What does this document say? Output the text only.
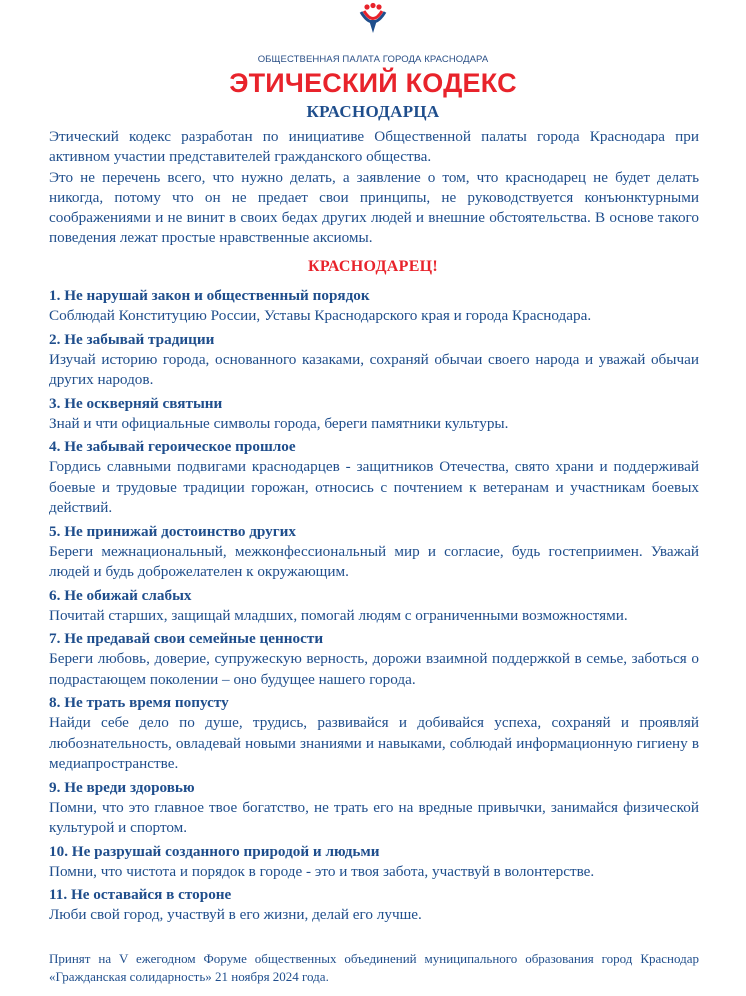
ОБЩЕСТВЕННАЯ ПАЛАТА ГОРОДА КРАСНОДАРА
ЭТИЧЕСКИЙ КОДЕКС
КРАСНОДАРЦА

Этический кодекс разработан по инициативе Общественной палаты города Краснодара при активном участии представителей гражданского общества.

Это не перечень всего, что нужно делать, а заявление о том, что краснодарец не будет делать никогда, потому что он не предает свои принципы, не руководствуется конъюнктурными соображениями и не винит в своих бедах других людей и внешние обстоятельства. В основе такого поведения лежат простые нравственные аксиомы.

КРАСНОДАРЕЦ!
1. Не нарушай закон и общественный порядок

Соблюдай Конституцию России, Уставы Краснодарского края и города Краснодара.

2. Не забывай традиции

Изучай историю города, основанного казаками, сохраняй обычаи своего народа и уважай обычаи других народов.

3. Не оскверняй святыни

Знай и чти официальные символы города, береги памятники культуры.

4. Не забывай героическое прошлое

Гордись славными подвигами краснодарцев - защитников Отечества, свято храни и поддерживай боевые и трудовые традиции горожан, относись с почтением к ветеранам и участникам боевых действий.

5. Не принижай достоинство других

Береги межнациональный, межконфессиональный мир и согласие, будь гостеприимен. Уважай людей и будь доброжелателен к окружающим.

6. Не обижай слабых

Почитай старших, защищай младших, помогай людям с ограниченными возможностями.

7. Не предавай свои семейные ценности

Береги любовь, доверие, супружескую верность, дорожи взаимной поддержкой в семье, заботься о подрастающем поколении – оно будущее нашего города.

8. Не трать время попусту

Найди себе дело по душе, трудись, развивайся и добивайся успеха, сохраняй и проявляй любознательность, овладевай новыми знаниями и навыками, соблюдай информационную гигиену в медиапространстве.

9. Не вреди здоровью

Помни, что это главное твое богатство, не трать его на вредные привычки, занимайся физической культурой и спортом.

10. Не разрушай созданного природой и людьми

Помни, что чистота и порядок в городе - это и твоя забота, участвуй в волонтерстве.

11. Не оставайся в стороне

Люби свой город, участвуй в его жизни, делай его лучше.

Принят на V ежегодном Форуме общественных объединений муниципального образования город Краснодар «Гражданская солидарность» 21 ноября 2024 года.
